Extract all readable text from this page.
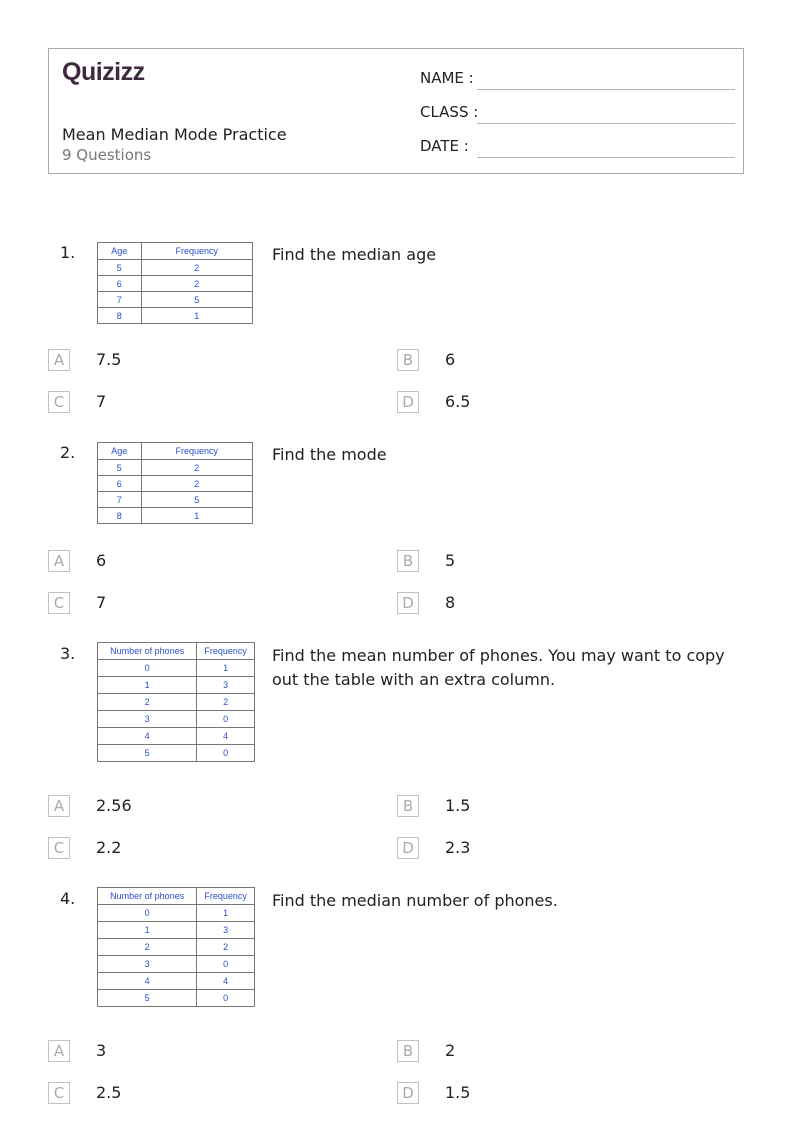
Quizizz
Mean Median Mode Practice
9 Questions
NAME :
CLASS :
DATE :
1.	Age	Frequency
5	2
6	2
7	5
8	1
Find the median age
A	7.5	B	6
C	7	D	6.5
2.	Age	Frequency
5	2
6	2
7	5
8	1
Find the mode
A	6	B	5
C	7	D	8
3.	Number of phones	Frequency
0	1
1	3
2	2
3	0
4	4
5	0
Find the mean number of phones. You may want to copy out the table with an extra column.
A	2.56	B	1.5
C	2.2	D	2.3
4.	Number of phones	Frequency
0	1
1	3
2	2
3	0
4	4
5	0
Find the median number of phones.
A	3	B	2
C	2.5	D	1.5
